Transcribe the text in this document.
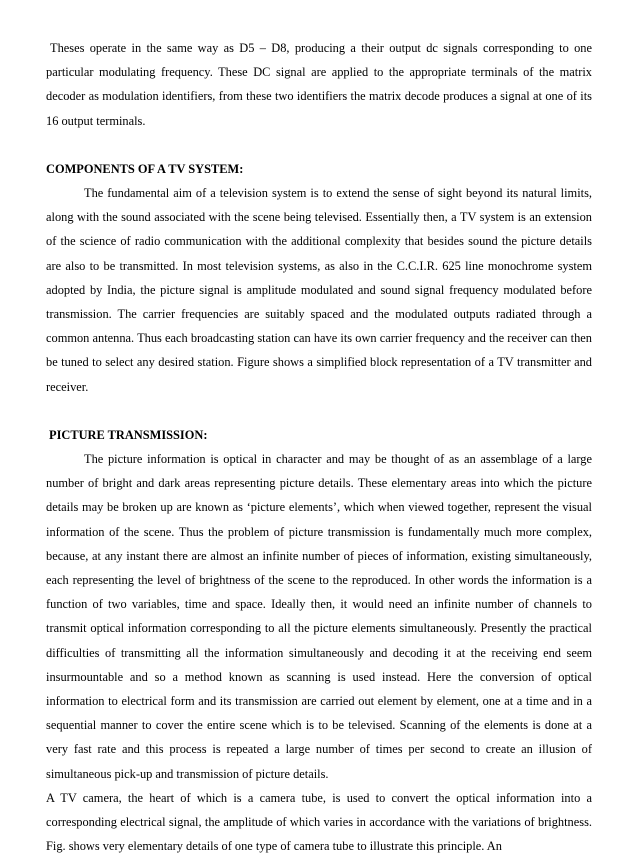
Theses operate in the same way as D5 – D8, producing a their output dc signals corresponding to one particular modulating frequency. These DC signal are applied to the appropriate terminals of the matrix decoder as modulation identifiers, from these two identifiers the matrix decode produces a signal at one of its 16 output terminals.

COMPONENTS OF A TV SYSTEM:

The fundamental aim of a television system is to extend the sense of sight beyond its natural limits, along with the sound associated with the scene being televised. Essentially then, a TV system is an extension of the science of radio communication with the additional complexity that besides sound the picture details are also to be transmitted. In most television systems, as also in the C.C.I.R. 625 line monochrome system adopted by India, the picture signal is amplitude modulated and sound signal frequency modulated before transmission. The carrier frequencies are suitably spaced and the modulated outputs radiated through a common antenna. Thus each broadcasting station can have its own carrier frequency and the receiver can then be tuned to select any desired station. Figure shows a simplified block representation of a TV transmitter and receiver.

PICTURE TRANSMISSION:

The picture information is optical in character and may be thought of as an assemblage of a large number of bright and dark areas representing picture details. These elementary areas into which the picture details may be broken up are known as ‘picture elements’, which when viewed together, represent the visual information of the scene. Thus the problem of picture transmission is fundamentally much more complex, because, at any instant there are almost an infinite number of pieces of information, existing simultaneously, each representing the level of brightness of the scene to the reproduced. In other words the information is a function of two variables, time and space. Ideally then, it would need an infinite number of channels to transmit optical information corresponding to all the picture elements simultaneously. Presently the practical difficulties of transmitting all the information simultaneously and decoding it at the receiving end seem insurmountable and so a method known as scanning is used instead. Here the conversion of optical information to electrical form and its transmission are carried out element by element, one at a time and in a sequential manner to cover the entire scene which is to be televised. Scanning of the elements is done at a very fast rate and this process is repeated a large number of times per second to create an illusion of simultaneous pick-up and transmission of picture details.

A TV camera, the heart of which is a camera tube, is used to convert the optical information into a corresponding electrical signal, the amplitude of which varies in accordance with the variations of brightness. Fig. shows very elementary details of one type of camera tube to illustrate this principle. An
